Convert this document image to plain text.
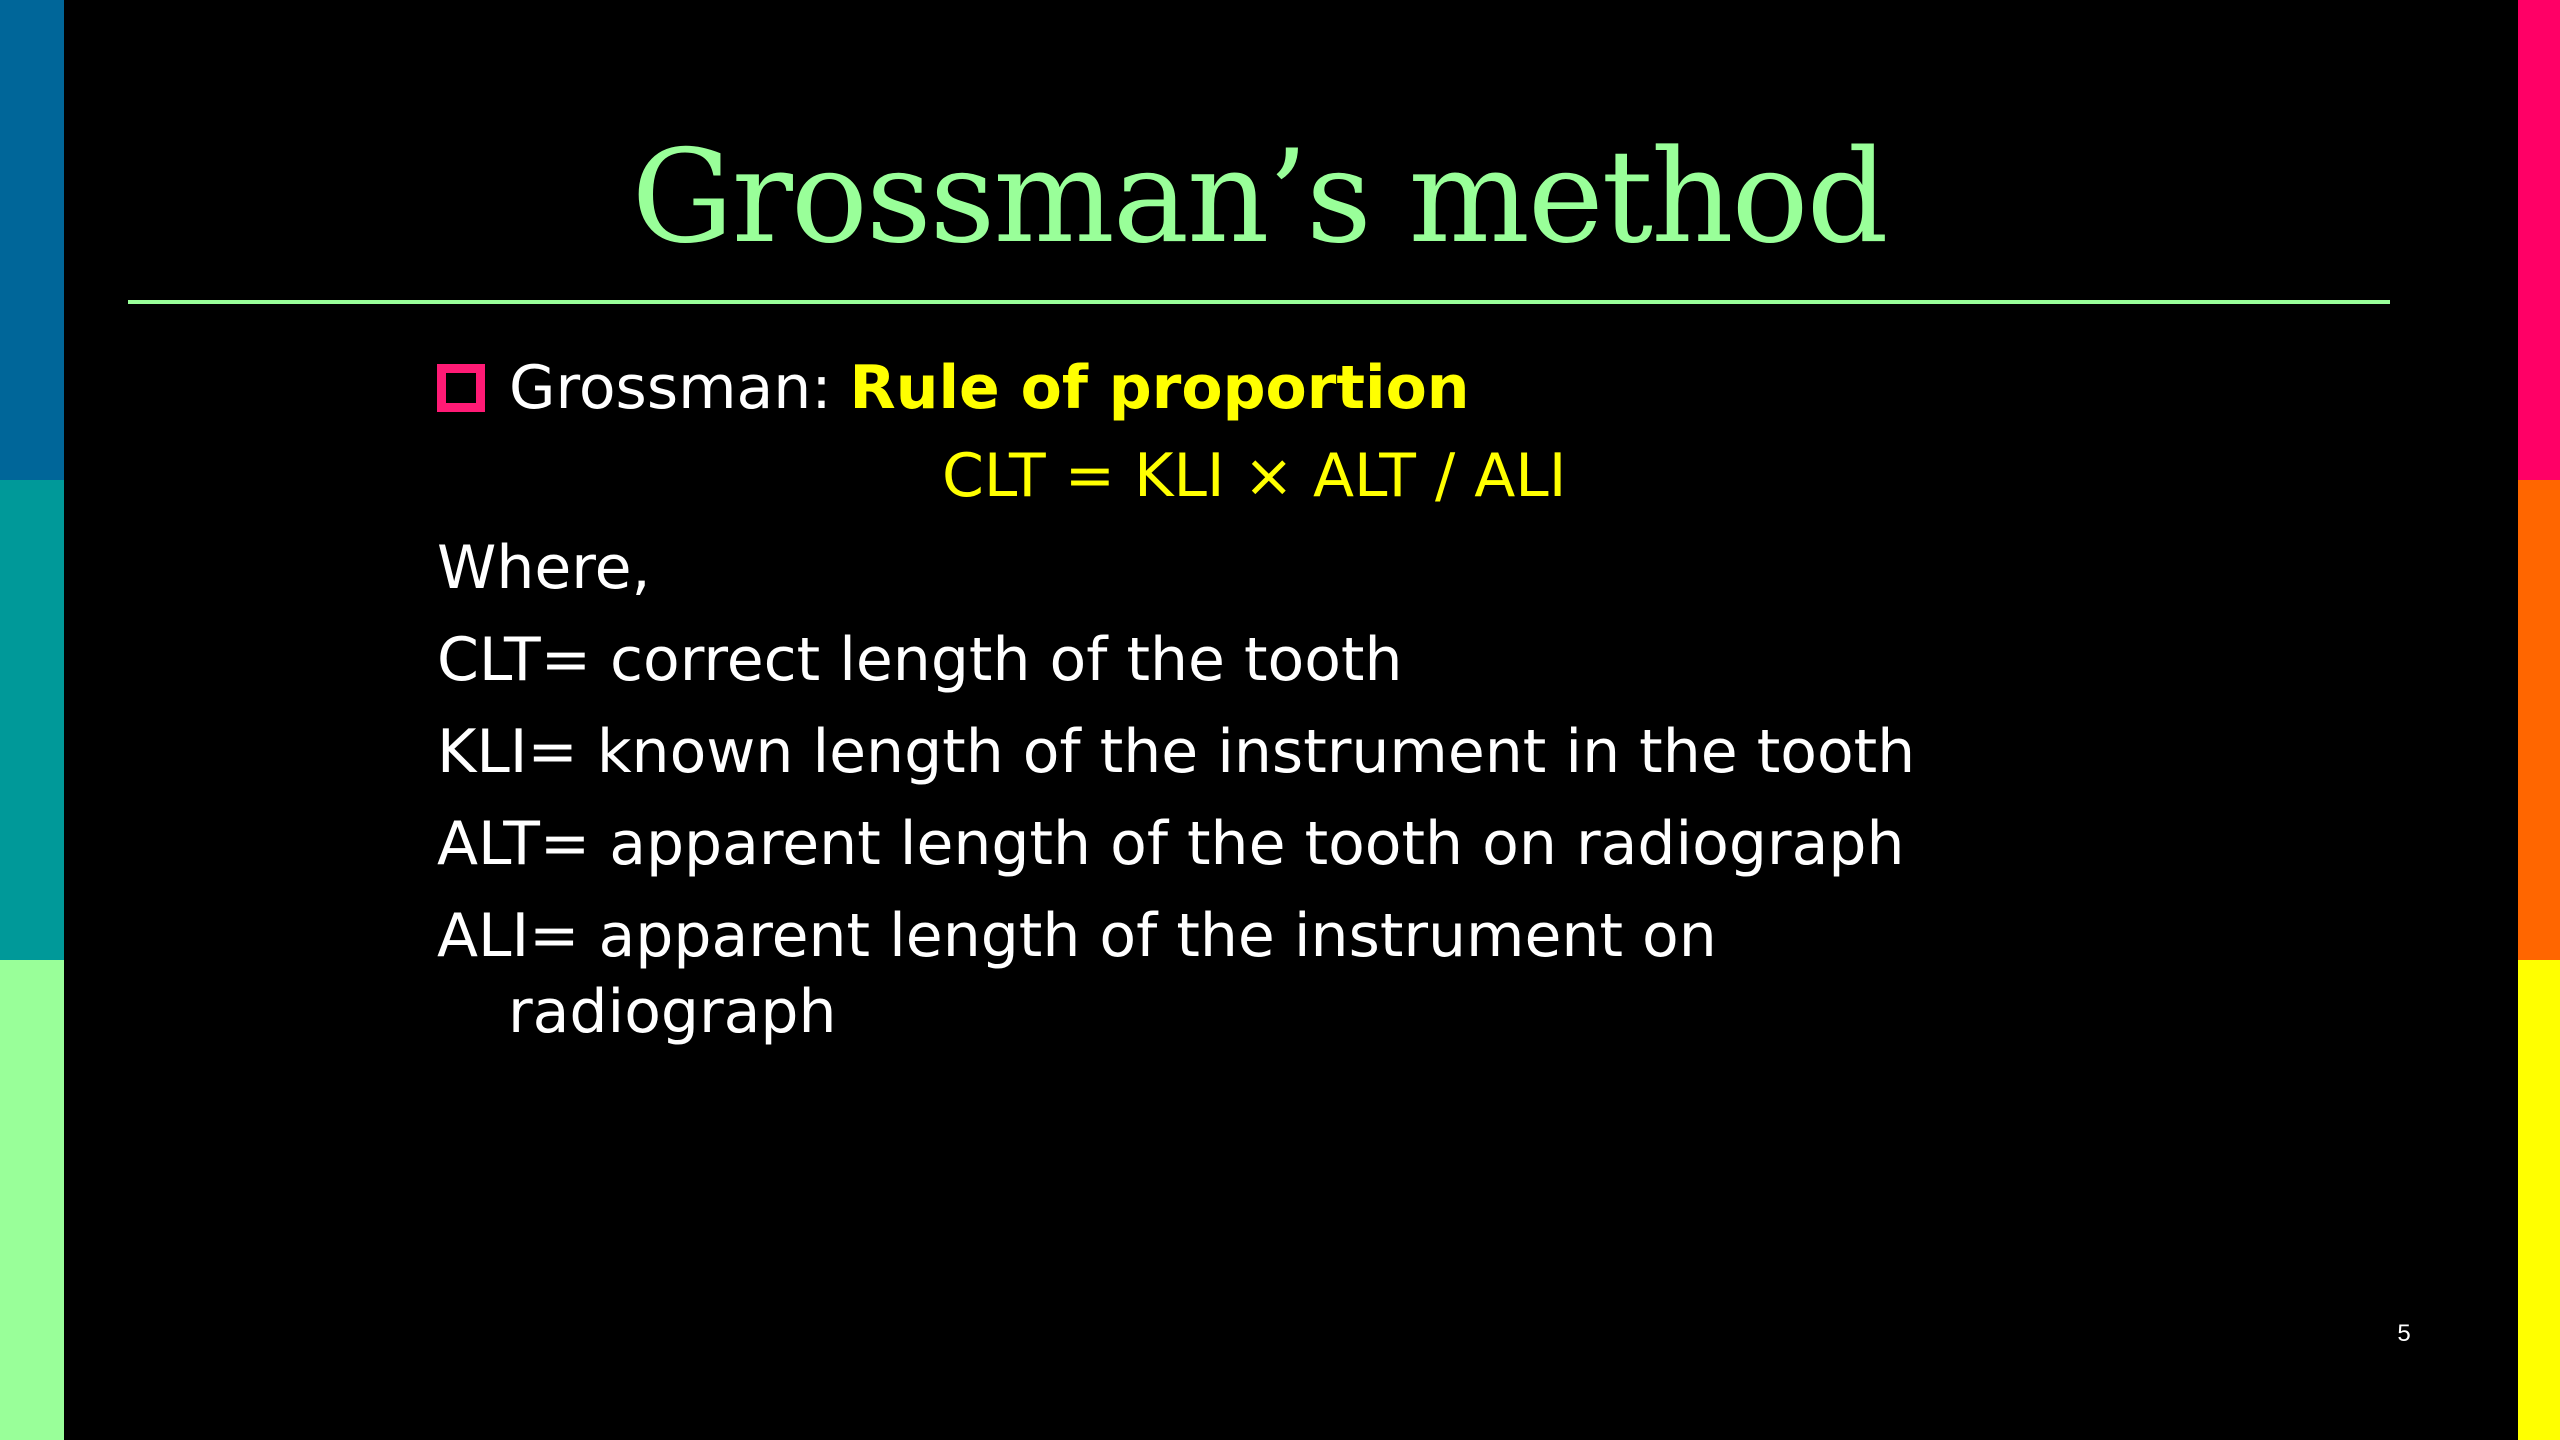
Grossman’s method
Grossman: Rule of proportion
CLT = KLI × ALT / ALI
Where,
CLT= correct length of the tooth
KLI= known length of the instrument in the tooth
ALT= apparent length of the tooth on radiograph
ALI= apparent length of the instrument on
radiograph
5
